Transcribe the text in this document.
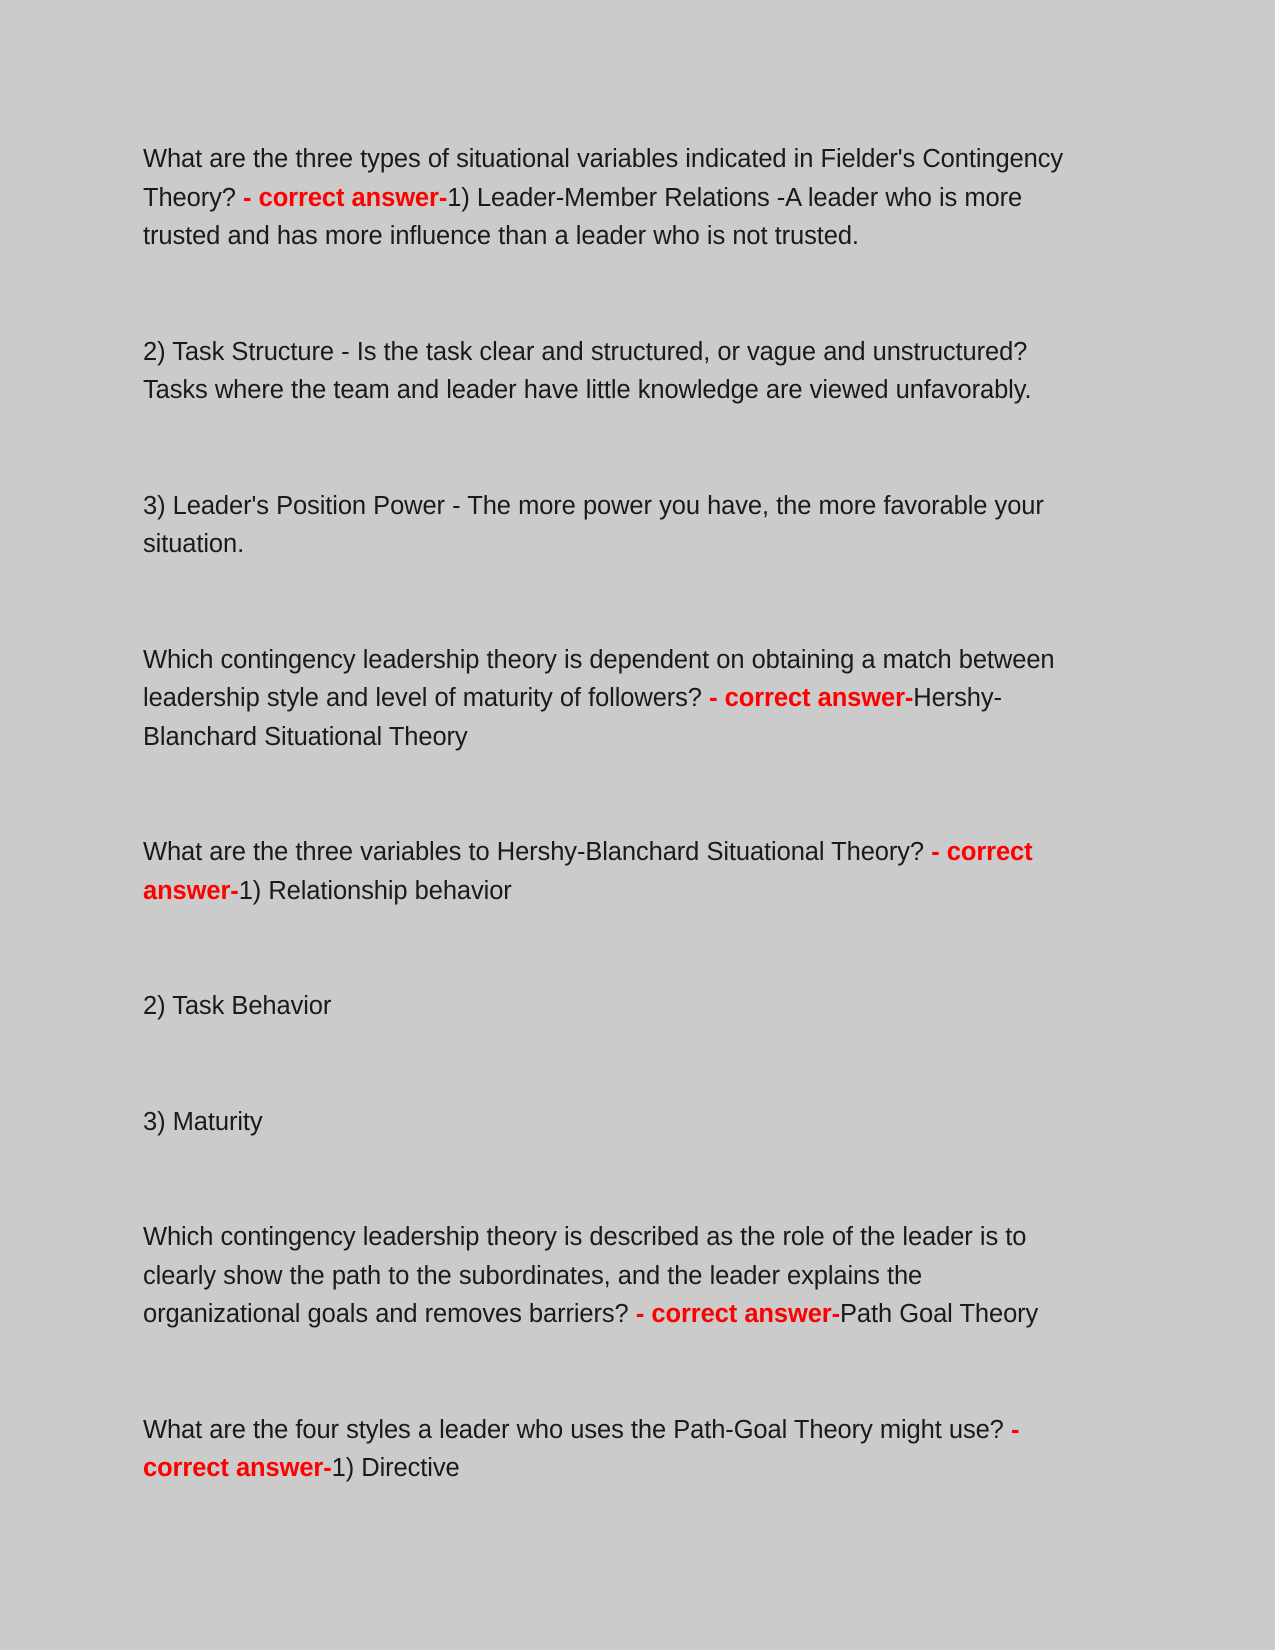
What are the three types of situational variables indicated in Fielder's Contingency Theory? - correct answer-1) Leader-Member Relations -A leader who is more trusted and has more influence than a leader who is not trusted.

2) Task Structure - Is the task clear and structured, or vague and unstructured? Tasks where the team and leader have little knowledge are viewed unfavorably.

3) Leader's Position Power - The more power you have, the more favorable your situation.

Which contingency leadership theory is dependent on obtaining a match between leadership style and level of maturity of followers? - correct answer-Hershy-Blanchard Situational Theory

What are the three variables to Hershy-Blanchard Situational Theory? - correct answer-1) Relationship behavior

2) Task Behavior

3) Maturity

Which contingency leadership theory is described as the role of the leader is to clearly show the path to the subordinates, and the leader explains the organizational goals and removes barriers? - correct answer-Path Goal Theory

What are the four styles a leader who uses the Path-Goal Theory might use? - correct answer-1) Directive
